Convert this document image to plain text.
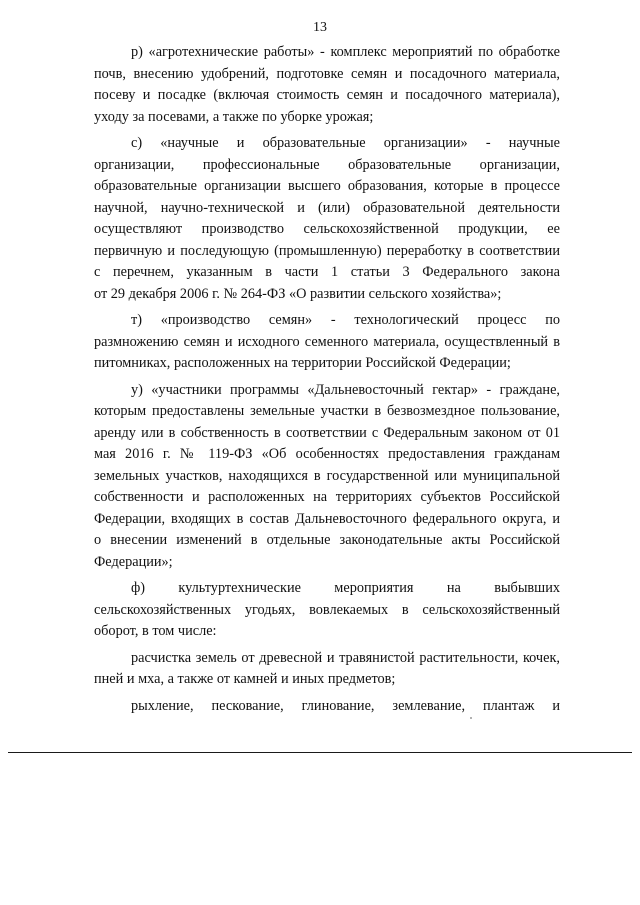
13
р) «агротехнические работы» - комплекс мероприятий по обработке
почв, внесению удобрений, подготовке семян и посадочного материала,
посеву и посадке (включая стоимость семян и посадочного материала),
уходу за посевами, а также по уборке урожая;
с) «научные и образовательные организации» - научные
организации, профессиональные образовательные организации,
образовательные организации высшего образования, которые в процессе
научной, научно-технической и (или) образовательной деятельности
осуществляют производство сельскохозяйственной продукции, ее
первичную и последующую (промышленную) переработку в соответствии
с перечнем, указанным в части 1 статьи 3 Федерального закона
от 29 декабря 2006 г. № 264-ФЗ «О развитии сельского хозяйства»;
т) «производство семян» - технологический процесс по
размножению семян и исходного семенного материала, осуществленный в
питомниках, расположенных на территории Российской Федерации;
у) «участники программы «Дальневосточный гектар» - граждане,
которым предоставлены земельные участки в безвозмездное пользование,
аренду или в собственность в соответствии с Федеральным законом от 01
мая 2016 г. № 119-ФЗ «Об особенностях предоставления гражданам
земельных участков, находящихся в государственной или муниципальной
собственности и расположенных на территориях субъектов Российской
Федерации, входящих в состав Дальневосточного федерального округа, и
о внесении изменений в отдельные законодательные акты Российской
Федерации»;
ф) культуртехнические мероприятия на выбывших
сельскохозяйственных угодьях, вовлекаемых в сельскохозяйственный
оборот, в том числе:
расчистка земель от древесной и травянистой растительности, кочек,
пней и мха, а также от камней и иных предметов;
рыхление, пескование, глинование, землевание, плантаж и
